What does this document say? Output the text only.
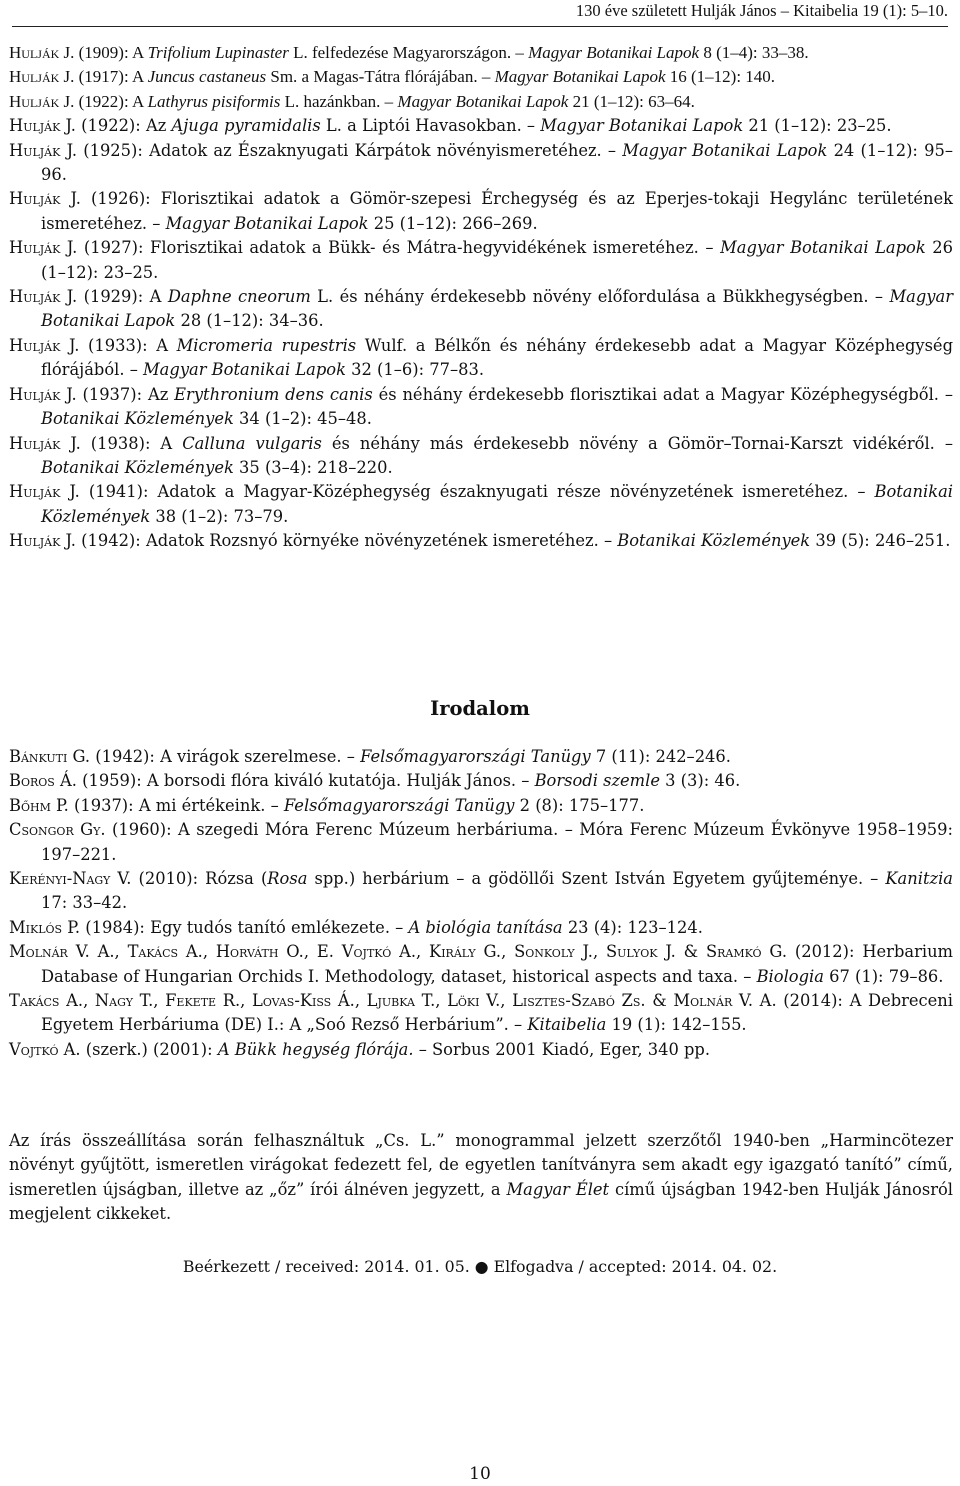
130 éve született Hulják János – Kitaibelia 19 (1): 5–10.
Hulják J. (1909): A Trifolium Lupinaster L. felfedezése Magyarországon. – Magyar Botanikai Lapok 8 (1–4): 33–38.
Hulják J. (1917): A Juncus castaneus Sm. a Magas-Tátra flórájában. – Magyar Botanikai Lapok 16 (1–12): 140.
Hulják J. (1922): A Lathyrus pisiformis L. hazánkban. – Magyar Botanikai Lapok 21 (1–12): 63–64.
Hulják J. (1922): Az Ajuga pyramidalis L. a Liptói Havasokban. – Magyar Botanikai Lapok 21 (1–12): 23–25.
Hulják J. (1925): Adatok az Északnyugati Kárpátok növényismeretéhez. – Magyar Botanikai Lapok 24 (1–12): 95–96.
Hulják J. (1926): Florisztikai adatok a Gömör-szepesi Érchegység és az Eperjes-tokaji Hegylánc területének ismeretéhez. – Magyar Botanikai Lapok 25 (1–12): 266–269.
Hulják J. (1927): Florisztikai adatok a Bükk- és Mátra-hegyvidékének ismeretéhez. – Magyar Botanikai Lapok 26 (1–12): 23–25.
Hulják J. (1929): A Daphne cneorum L. és néhány érdekesebb növény előfordulása a Bükkhegységben. – Magyar Botanikai Lapok 28 (1–12): 34–36.
Hulják J. (1933): A Micromeria rupestris Wulf. a Bélkőn és néhány érdekesebb adat a Magyar Középhegység flórájából. – Magyar Botanikai Lapok 32 (1–6): 77–83.
Hulják J. (1937): Az Erythronium dens canis és néhány érdekesebb florisztikai adat a Magyar Középhegységből. – Botanikai Közlemények 34 (1–2): 45–48.
Hulják J. (1938): A Calluna vulgaris és néhány más érdekesebb növény a Gömör–Tornai-Karszt vidékéről. – Botanikai Közlemények 35 (3–4): 218–220.
Hulják J. (1941): Adatok a Magyar-Középhegység északnyugati része növényzetének ismeretéhez. – Botanikai Közlemények 38 (1–2): 73–79.
Hulják J. (1942): Adatok Rozsnyó környéke növényzetének ismeretéhez. – Botanikai Közlemények 39 (5): 246–251.
Irodalom
Bánkuti G. (1942): A virágok szerelmese. – Felsőmagyarországi Tanügy 7 (11): 242–246.
Boros Á. (1959): A borsodi flóra kiváló kutatója. Hulják János. – Borsodi szemle 3 (3): 46.
Bőhm P. (1937): A mi értékeink. – Felsőmagyarországi Tanügy 2 (8): 175–177.
Csongor Gy. (1960): A szegedi Móra Ferenc Múzeum herbáriuma. – Móra Ferenc Múzeum Évkönyve 1958–1959: 197–221.
Kerényi-Nagy V. (2010): Rózsa (Rosa spp.) herbárium – a gödöllői Szent István Egyetem gyűjteménye. – Kanitzia 17: 33–42.
Miklós P. (1984): Egy tudós tanító emlékezete. – A biológia tanítása 23 (4): 123–124.
Molnár V. A., Takács A., Horváth O., E. Vojtkó A., Király G., Sonkoly J., Sulyok J. & Sramkó G. (2012): Herbarium Database of Hungarian Orchids I. Methodology, dataset, historical aspects and taxa. – Biologia 67 (1): 79–86.
Takács A., Nagy T., Fekete R., Lovas-Kiss Á., Ljubka T., Löki V., Lisztes-Szabó Zs. & Molnár V. A. (2014): A Debreceni Egyetem Herbáriuma (DE) I.: A „Soó Rezső Herbárium”. – Kitaibelia 19 (1): 142–155.
Vojtkó A. (szerk.) (2001): A Bükk hegység flórája. – Sorbus 2001 Kiadó, Eger, 340 pp.

Az írás összeállítása során felhasználtuk „Cs. L.” monogrammal jelzett szerzőtől 1940-ben „Harmincötezer növényt gyűjtött, ismeretlen virágokat fedezett fel, de egyetlen tanítványra sem akadt egy igazgató tanító” című, ismeretlen újságban, illetve az „őz” írói álnéven jegyzett, a Magyar Élet című újságban 1942-ben Hulják Jánosról megjelent cikkeket.

Beérkezett / received: 2014. 01. 05. ● Elfogadva / accepted: 2014. 04. 02.
10
